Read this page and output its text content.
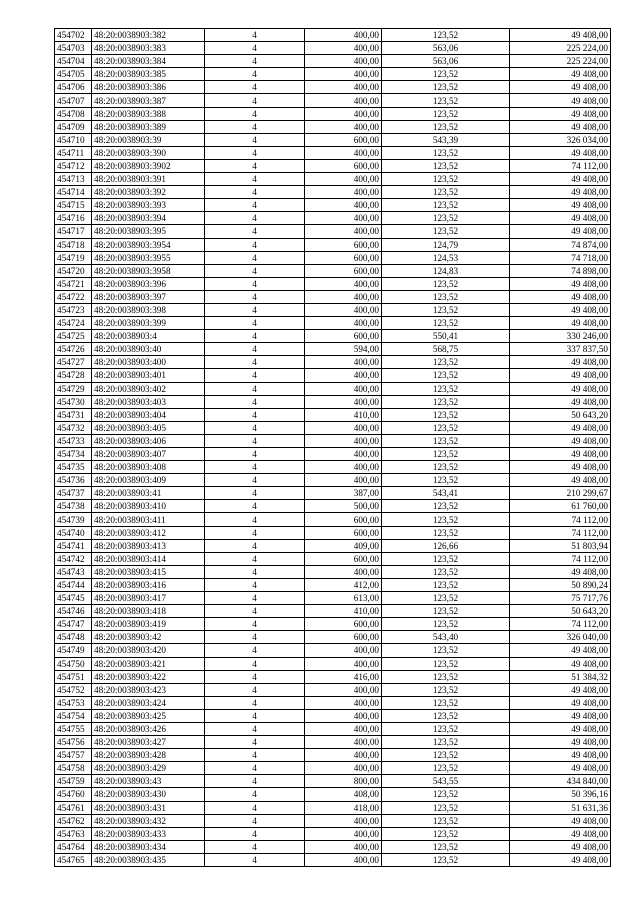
454702	48:20:0038903:382	4	400,00	123,52	49 408,00
454703	48:20:0038903:383	4	400,00	563,06	225 224,00
454704	48:20:0038903:384	4	400,00	563,06	225 224,00
454705	48:20:0038903:385	4	400,00	123,52	49 408,00
454706	48:20:0038903:386	4	400,00	123,52	49 408,00
454707	48:20:0038903:387	4	400,00	123,52	49 408,00
454708	48:20:0038903:388	4	400,00	123,52	49 408,00
454709	48:20:0038903:389	4	400,00	123,52	49 408,00
454710	48:20:0038903:39	4	600,00	543,39	326 034,00
454711	48:20:0038903:390	4	400,00	123,52	49 408,00
454712	48:20:0038903:3902	4	600,00	123,52	74 112,00
454713	48:20:0038903:391	4	400,00	123,52	49 408,00
454714	48:20:0038903:392	4	400,00	123,52	49 408,00
454715	48:20:0038903:393	4	400,00	123,52	49 408,00
454716	48:20:0038903:394	4	400,00	123,52	49 408,00
454717	48:20:0038903:395	4	400,00	123,52	49 408,00
454718	48:20:0038903:3954	4	600,00	124,79	74 874,00
454719	48:20:0038903:3955	4	600,00	124,53	74 718,00
454720	48:20:0038903:3958	4	600,00	124,83	74 898,00
454721	48:20:0038903:396	4	400,00	123,52	49 408,00
454722	48:20:0038903:397	4	400,00	123,52	49 408,00
454723	48:20:0038903:398	4	400,00	123,52	49 408,00
454724	48:20:0038903:399	4	400,00	123,52	49 408,00
454725	48:20:0038903:4	4	600,00	550,41	330 246,00
454726	48:20:0038903:40	4	594,00	568,75	337 837,50
454727	48:20:0038903:400	4	400,00	123,52	49 408,00
454728	48:20:0038903:401	4	400,00	123,52	49 408,00
454729	48:20:0038903:402	4	400,00	123,52	49 408,00
454730	48:20:0038903:403	4	400,00	123,52	49 408,00
454731	48:20:0038903:404	4	410,00	123,52	50 643,20
454732	48:20:0038903:405	4	400,00	123,52	49 408,00
454733	48:20:0038903:406	4	400,00	123,52	49 408,00
454734	48:20:0038903:407	4	400,00	123,52	49 408,00
454735	48:20:0038903:408	4	400,00	123,52	49 408,00
454736	48:20:0038903:409	4	400,00	123,52	49 408,00
454737	48:20:0038903:41	4	387,00	543,41	210 299,67
454738	48:20:0038903:410	4	500,00	123,52	61 760,00
454739	48:20:0038903:411	4	600,00	123,52	74 112,00
454740	48:20:0038903:412	4	600,00	123,52	74 112,00
454741	48:20:0038903:413	4	409,00	126,66	51 803,94
454742	48:20:0038903:414	4	600,00	123,52	74 112,00
454743	48:20:0038903:415	4	400,00	123,52	49 408,00
454744	48:20:0038903:416	4	412,00	123,52	50 890,24
454745	48:20:0038903:417	4	613,00	123,52	75 717,76
454746	48:20:0038903:418	4	410,00	123,52	50 643,20
454747	48:20:0038903:419	4	600,00	123,52	74 112,00
454748	48:20:0038903:42	4	600,00	543,40	326 040,00
454749	48:20:0038903:420	4	400,00	123,52	49 408,00
454750	48:20:0038903:421	4	400,00	123,52	49 408,00
454751	48:20:0038903:422	4	416,00	123,52	51 384,32
454752	48:20:0038903:423	4	400,00	123,52	49 408,00
454753	48:20:0038903:424	4	400,00	123,52	49 408,00
454754	48:20:0038903:425	4	400,00	123,52	49 408,00
454755	48:20:0038903:426	4	400,00	123,52	49 408,00
454756	48:20:0038903:427	4	400,00	123,52	49 408,00
454757	48:20:0038903:428	4	400,00	123,52	49 408,00
454758	48:20:0038903:429	4	400,00	123,52	49 408,00
454759	48:20:0038903:43	4	800,00	543,55	434 840,00
454760	48:20:0038903:430	4	408,00	123,52	50 396,16
454761	48:20:0038903:431	4	418,00	123,52	51 631,36
454762	48:20:0038903:432	4	400,00	123,52	49 408,00
454763	48:20:0038903:433	4	400,00	123,52	49 408,00
454764	48:20:0038903:434	4	400,00	123,52	49 408,00
454765	48:20:0038903:435	4	400,00	123,52	49 408,00
